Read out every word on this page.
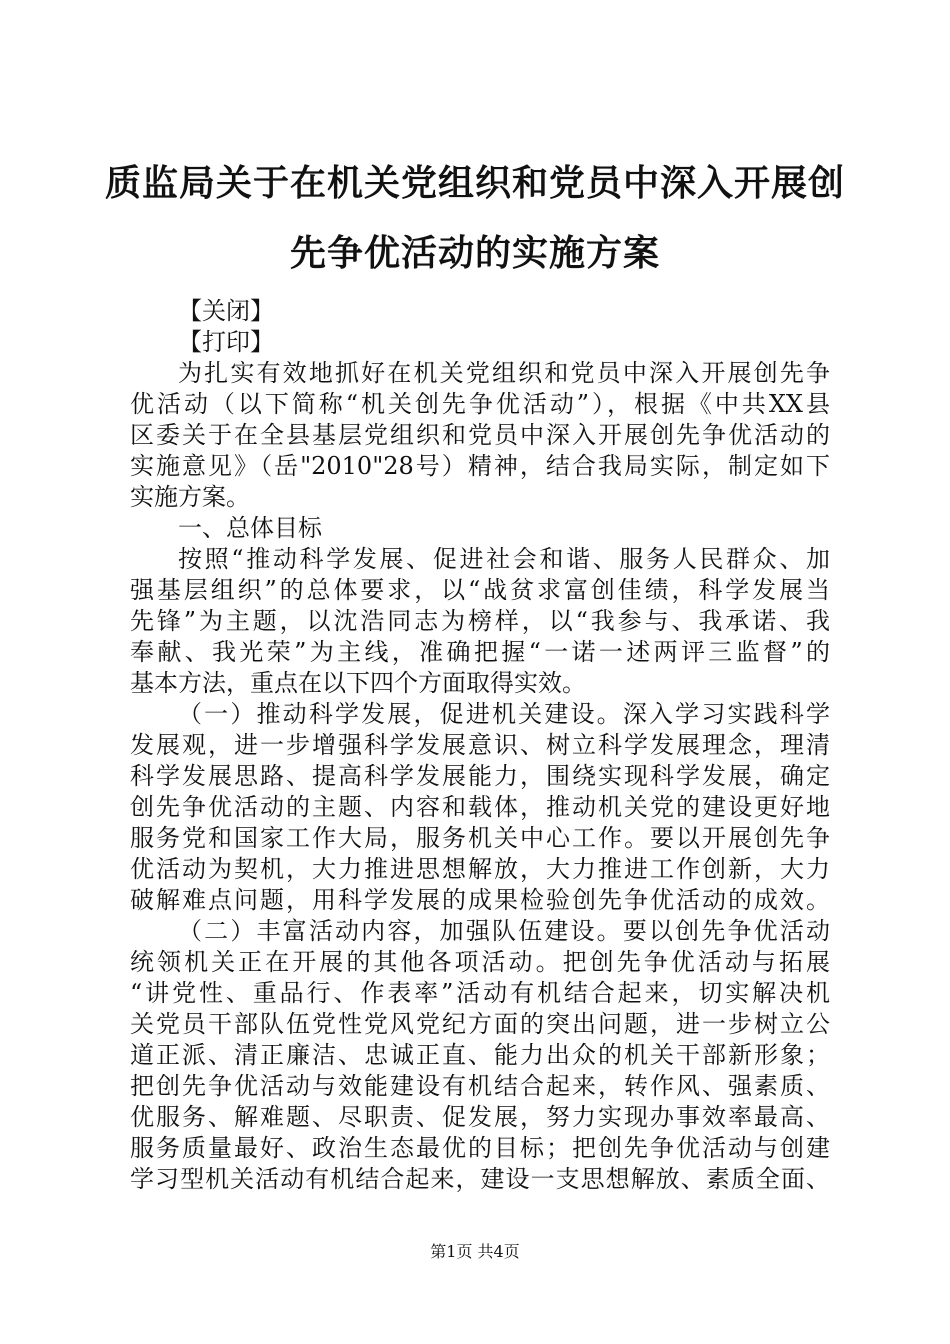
质监局关于在机关党组织和党员中深入开展创
先争优活动的实施方案
【关闭】
【打印】
为扎实有效地抓好在机关党组织和党员中深入开展创先争
优活动（以下简称“机关创先争优活动”），根据《中共XX县
区委关于在全县基层党组织和党员中深入开展创先争优活动的
实施意见》（岳"2010"28号）精神，结合我局实际，制定如下
实施方案。
一、总体目标
按照“推动科学发展、促进社会和谐、服务人民群众、加
强基层组织”的总体要求，以“战贫求富创佳绩，科学发展当
先锋”为主题，以沈浩同志为榜样，以“我参与、我承诺、我
奉献、我光荣”为主线，准确把握“一诺一述两评三监督”的
基本方法，重点在以下四个方面取得实效。
（一）推动科学发展，促进机关建设。深入学习实践科学
发展观，进一步增强科学发展意识、树立科学发展理念，理清
科学发展思路、提高科学发展能力，围绕实现科学发展，确定
创先争优活动的主题、内容和载体，推动机关党的建设更好地
服务党和国家工作大局，服务机关中心工作。要以开展创先争
优活动为契机，大力推进思想解放，大力推进工作创新，大力
破解难点问题，用科学发展的成果检验创先争优活动的成效。
（二）丰富活动内容，加强队伍建设。要以创先争优活动
统领机关正在开展的其他各项活动。把创先争优活动与拓展
“讲党性、重品行、作表率”活动有机结合起来，切实解决机
关党员干部队伍党性党风党纪方面的突出问题，进一步树立公
道正派、清正廉洁、忠诚正直、能力出众的机关干部新形象；
把创先争优活动与效能建设有机结合起来，转作风、强素质、
优服务、解难题、尽职责、促发展，努力实现办事效率最高、
服务质量最好、政治生态最优的目标；把创先争优活动与创建
学习型机关活动有机结合起来，建设一支思想解放、素质全面、
第1页 共4页
